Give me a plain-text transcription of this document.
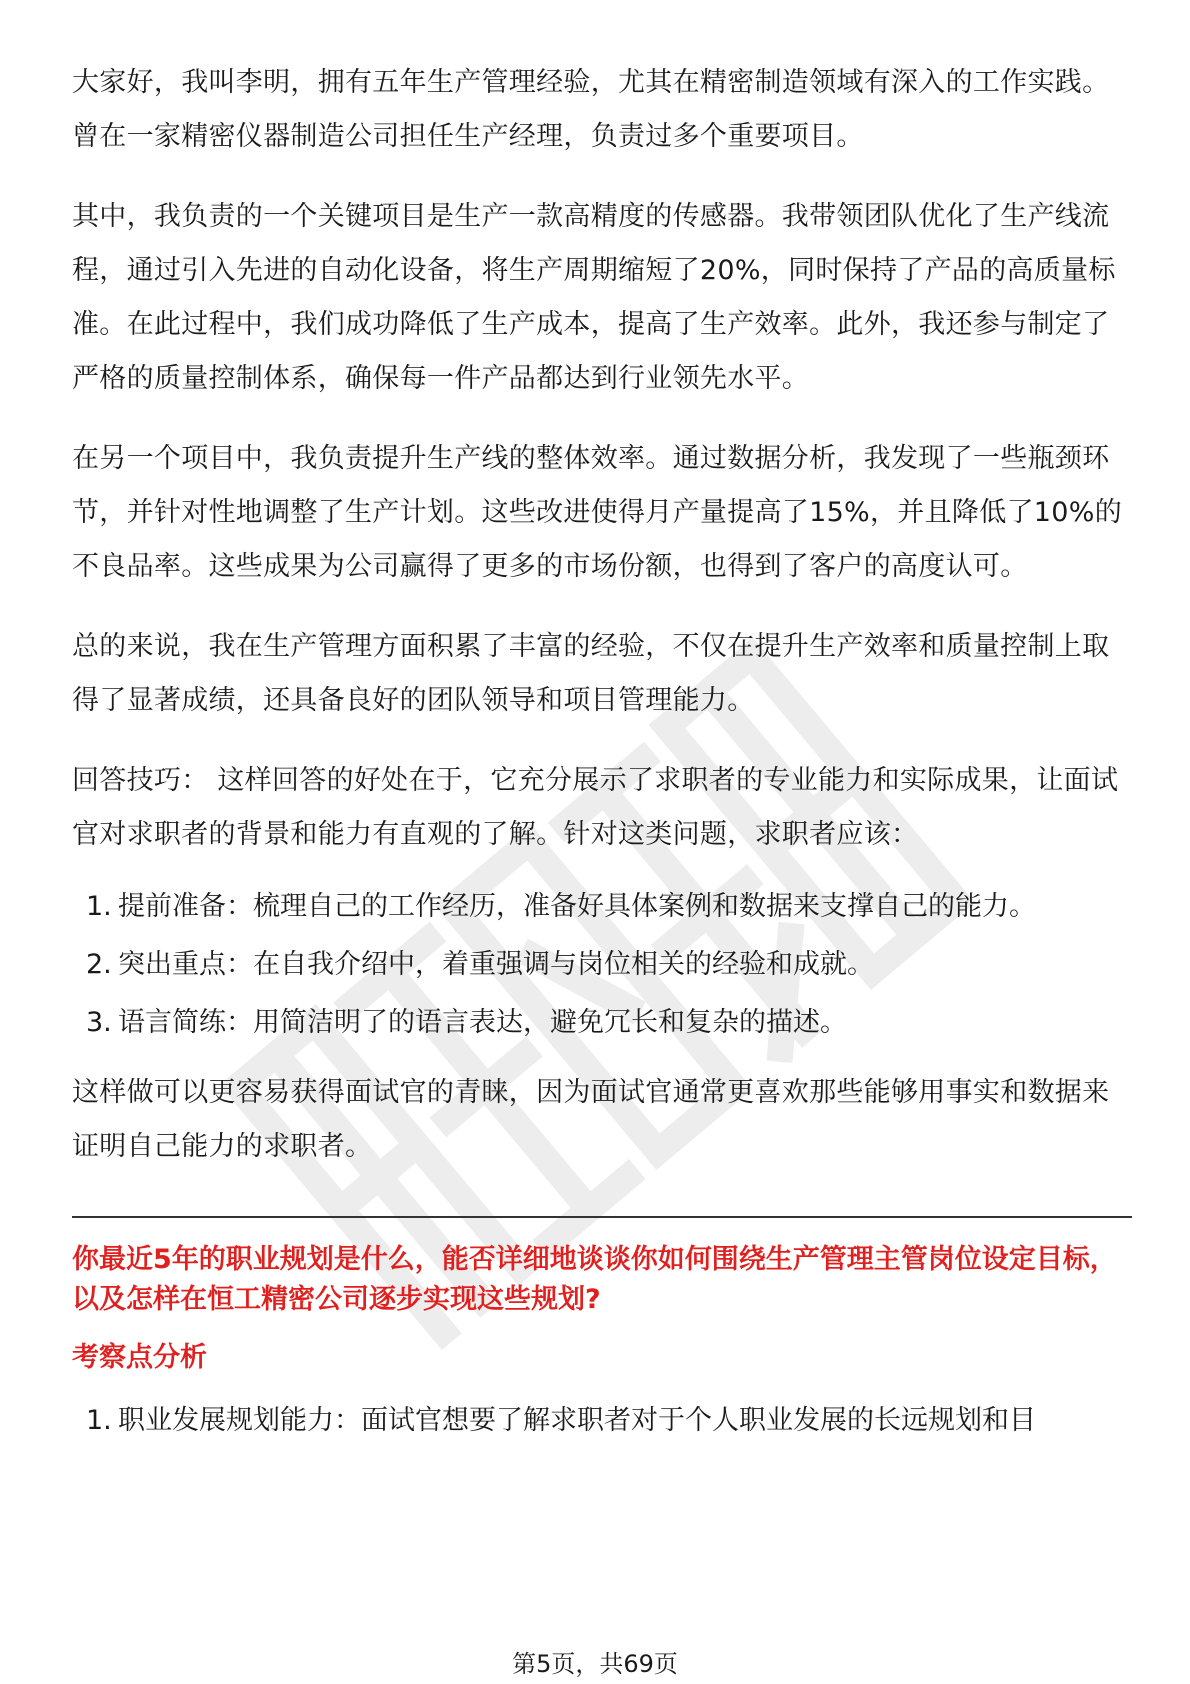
大家好，我叫李明，拥有五年生产管理经验，尤其在精密制造领域有深入的工作实践。曾在一家精密仪器制造公司担任生产经理，负责过多个重要项目。

其中，我负责的一个关键项目是生产一款高精度的传感器。我带领团队优化了生产线流程，通过引入先进的自动化设备，将生产周期缩短了20%，同时保持了产品的高质量标准。在此过程中，我们成功降低了生产成本，提高了生产效率。此外，我还参与制定了严格的质量控制体系，确保每一件产品都达到行业领先水平。

在另一个项目中，我负责提升生产线的整体效率。通过数据分析，我发现了一些瓶颈环节，并针对性地调整了生产计划。这些改进使得月产量提高了15%，并且降低了10%的不良品率。这些成果为公司赢得了更多的市场份额，也得到了客户的高度认可。

总的来说，我在生产管理方面积累了丰富的经验，不仅在提升生产效率和质量控制上取得了显著成绩，还具备良好的团队领导和项目管理能力。

回答技巧： 这样回答的好处在于，它充分展示了求职者的专业能力和实际成果，让面试官对求职者的背景和能力有直观的了解。针对这类问题，求职者应该：

1. 提前准备：梳理自己的工作经历，准备好具体案例和数据来支撑自己的能力。
2. 突出重点：在自我介绍中，着重强调与岗位相关的经验和成就。
3. 语言简练：用简洁明了的语言表达，避免冗长和复杂的描述。

这样做可以更容易获得面试官的青睐，因为面试官通常更喜欢那些能够用事实和数据来证明自己能力的求职者。

你最近5年的职业规划是什么，能否详细地谈谈你如何围绕生产管理主管岗位设定目标，以及怎样在恒工精密公司逐步实现这些规划?

考察点分析

1. 职业发展规划能力：面试官想要了解求职者对于个人职业发展的长远规划和目
第5页，共69页
